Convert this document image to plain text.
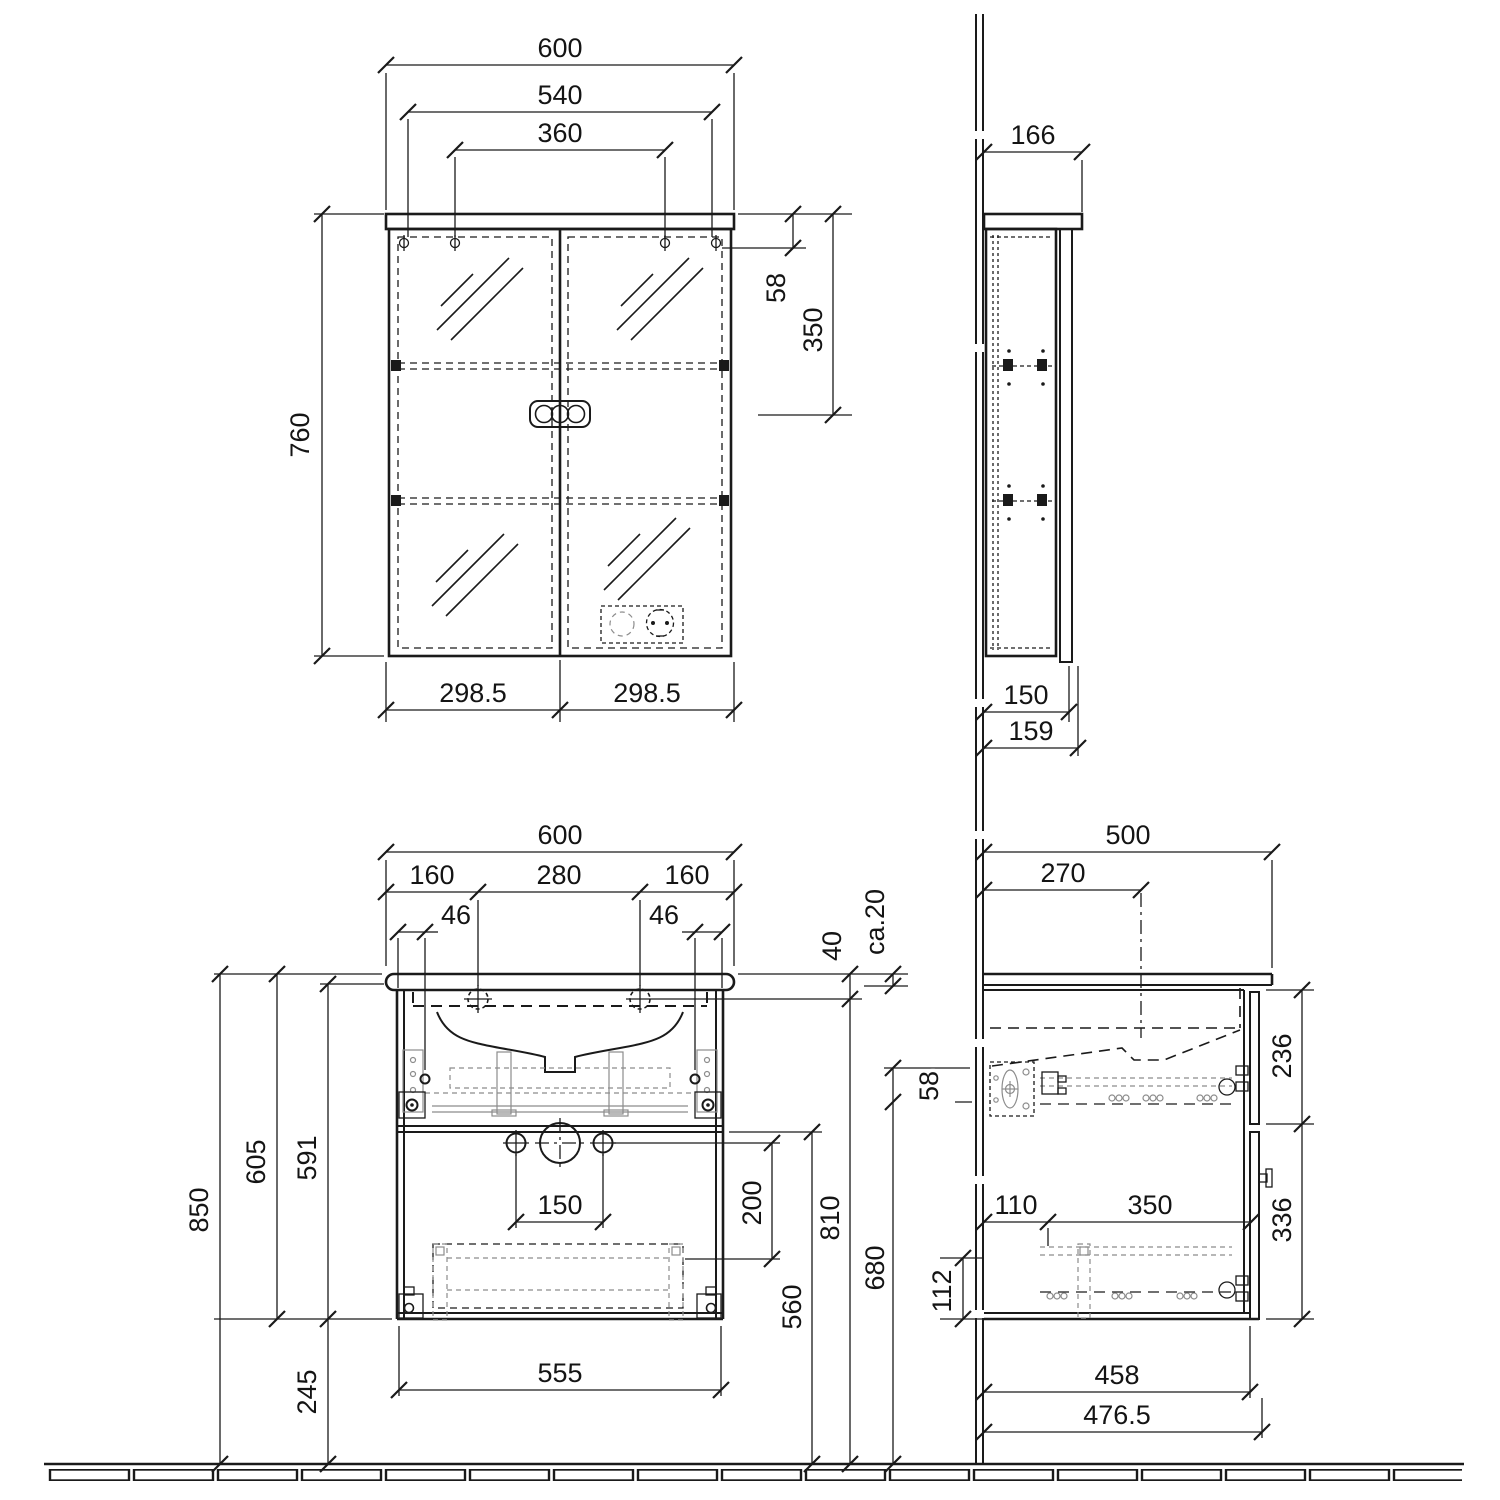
600
540
360
760
58
350
298.5	298.5
166
150
159
600
160	280	160
46	46
850
605 591
245
150
555
40
810
200
560
500
270
ca.20
58
680
112
110	350
236
336
458
476.5
